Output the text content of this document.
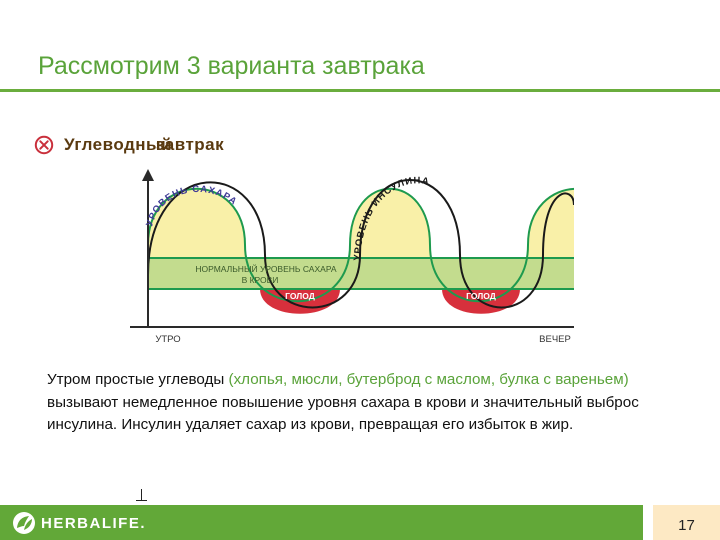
Рассмотрим 3 варианта завтрака
Углеводный
завтрак
УРОВЕНЬ САХАРА
УРОВЕНЬ ИНСУЛИНА
НОРМАЛЬНЫЙ УРОВЕНЬ САХАРА
В КРОВИ
ГОЛОД	ГОЛОД
УТРО	ВЕЧЕР
Утром простые углеводы (хлопья, мюсли, бутерброд с маслом, булка с вареньем) вызывают немедленное повышение уровня сахара в крови и значительный выброс инсулина. Инсулин удаляет сахар из крови, превращая его избыток в жир.
HERBALIFE.	17
